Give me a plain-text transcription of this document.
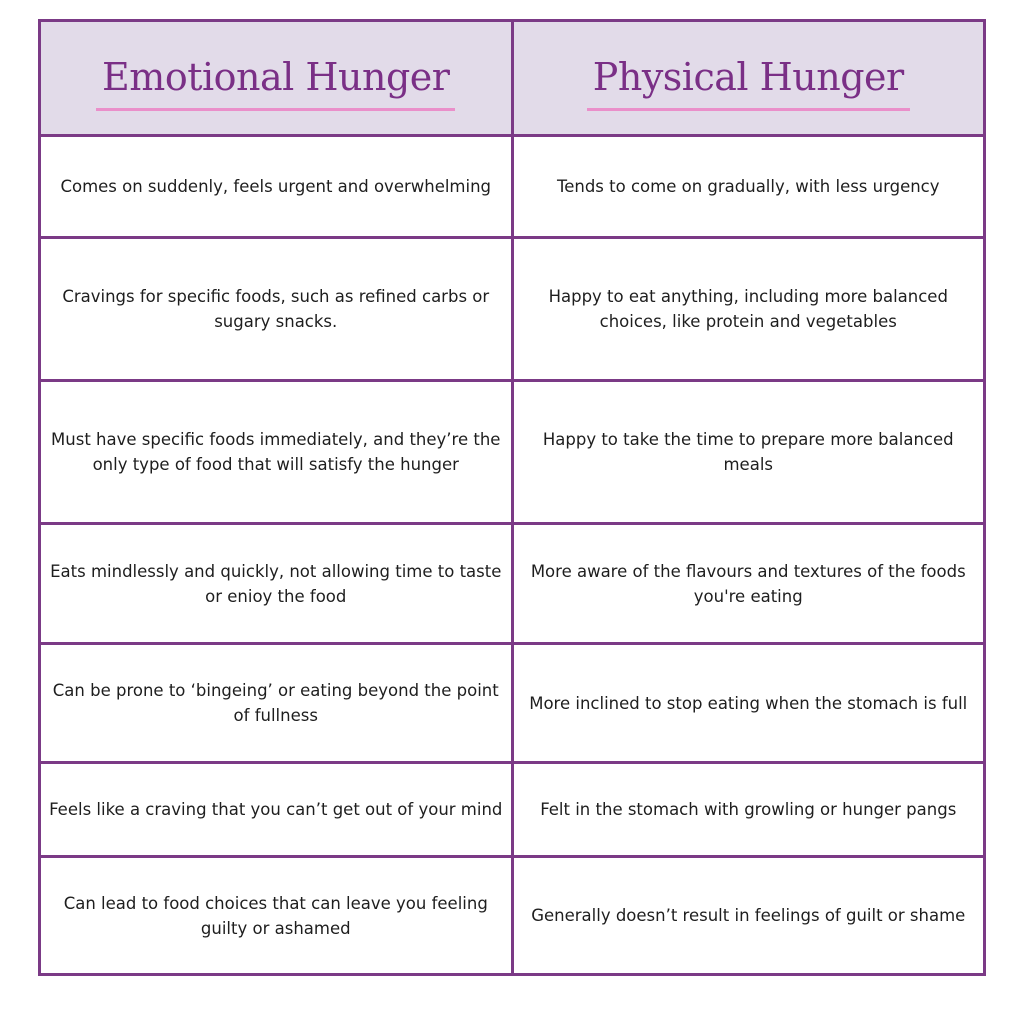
Emotional Hunger	Physical Hunger
Comes on suddenly, feels urgent and overwhelming	Tends to come on gradually, with less urgency
Cravings for specific foods, such as refined carbs or sugary snacks.	Happy to eat anything, including more balanced choices, like protein and vegetables
Must have specific foods immediately, and they’re the only type of food that will satisfy the hunger	Happy to take the time to prepare more balanced meals
Eats mindlessly and quickly, not allowing time to taste or enioy the food	More aware of the flavours and textures of the foods you're eating
Can be prone to ‘bingeing’ or eating beyond the point of fullness	More inclined to stop eating when the stomach is full
Feels like a craving that you can’t get out of your mind	Felt in the stomach with growling or hunger pangs
Can lead to food choices that can leave you feeling guilty or ashamed	Generally doesn’t result in feelings of guilt or shame
